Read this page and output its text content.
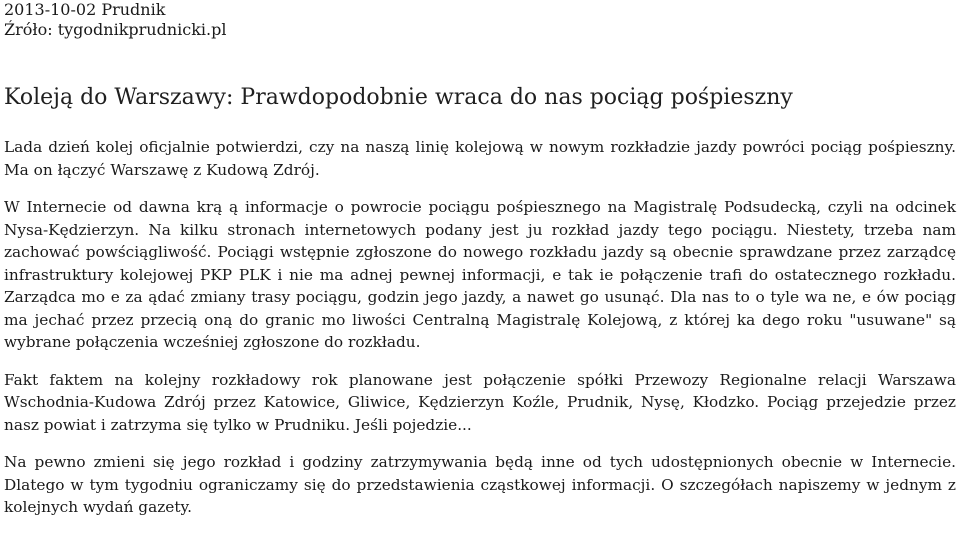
2013-10-02 Prudnik
Źróło: tygodnikprudnicki.pl
Koleją do Warszawy: Prawdopodobnie wraca do nas pociąg pośpieszny

Lada dzień kolej oficjalnie potwierdzi, czy na naszą linię kolejową w nowym rozkładzie jazdy powróci pociąg pośpieszny. Ma on łączyć Warszawę z Kudową Zdrój.

W Internecie od dawna krą ą informacje o powrocie pociągu pośpiesznego na Magistralę Podsudecką, czyli na odcinek Nysa-Kędzierzyn. Na kilku stronach internetowych podany jest ju rozkład jazdy tego pociągu. Niestety, trzeba nam zachować powściągliwość. Pociągi wstępnie zgłoszone do nowego rozkładu jazdy są obecnie sprawdzane przez zarządcę infrastruktury kolejowej PKP PLK i nie ma adnej pewnej informacji, e tak ie połączenie trafi do ostatecznego rozkładu. Zarządca mo e za ądać zmiany trasy pociągu, godzin jego jazdy, a nawet go usunąć. Dla nas to o tyle wa ne, e ów pociąg ma jechać przez przecią oną do granic mo liwości Centralną Magistralę Kolejową, z której ka dego roku "usuwane" są wybrane połączenia wcześniej zgłoszone do rozkładu.

Fakt faktem na kolejny rozkładowy rok planowane jest połączenie spółki Przewozy Regionalne relacji Warszawa Wschodnia-Kudowa Zdrój przez Katowice, Gliwice, Kędzierzyn Koźle, Prudnik, Nysę, Kłodzko. Pociąg przejedzie przez nasz powiat i zatrzyma się tylko w Prudniku. Jeśli pojedzie...

Na pewno zmieni się jego rozkład i godziny zatrzymywania będą inne od tych udostępnionych obecnie w Internecie. Dlatego w tym tygodniu ograniczamy się do przedstawienia cząstkowej informacji. O szczegółach napiszemy w jednym z kolejnych wydań gazety.
